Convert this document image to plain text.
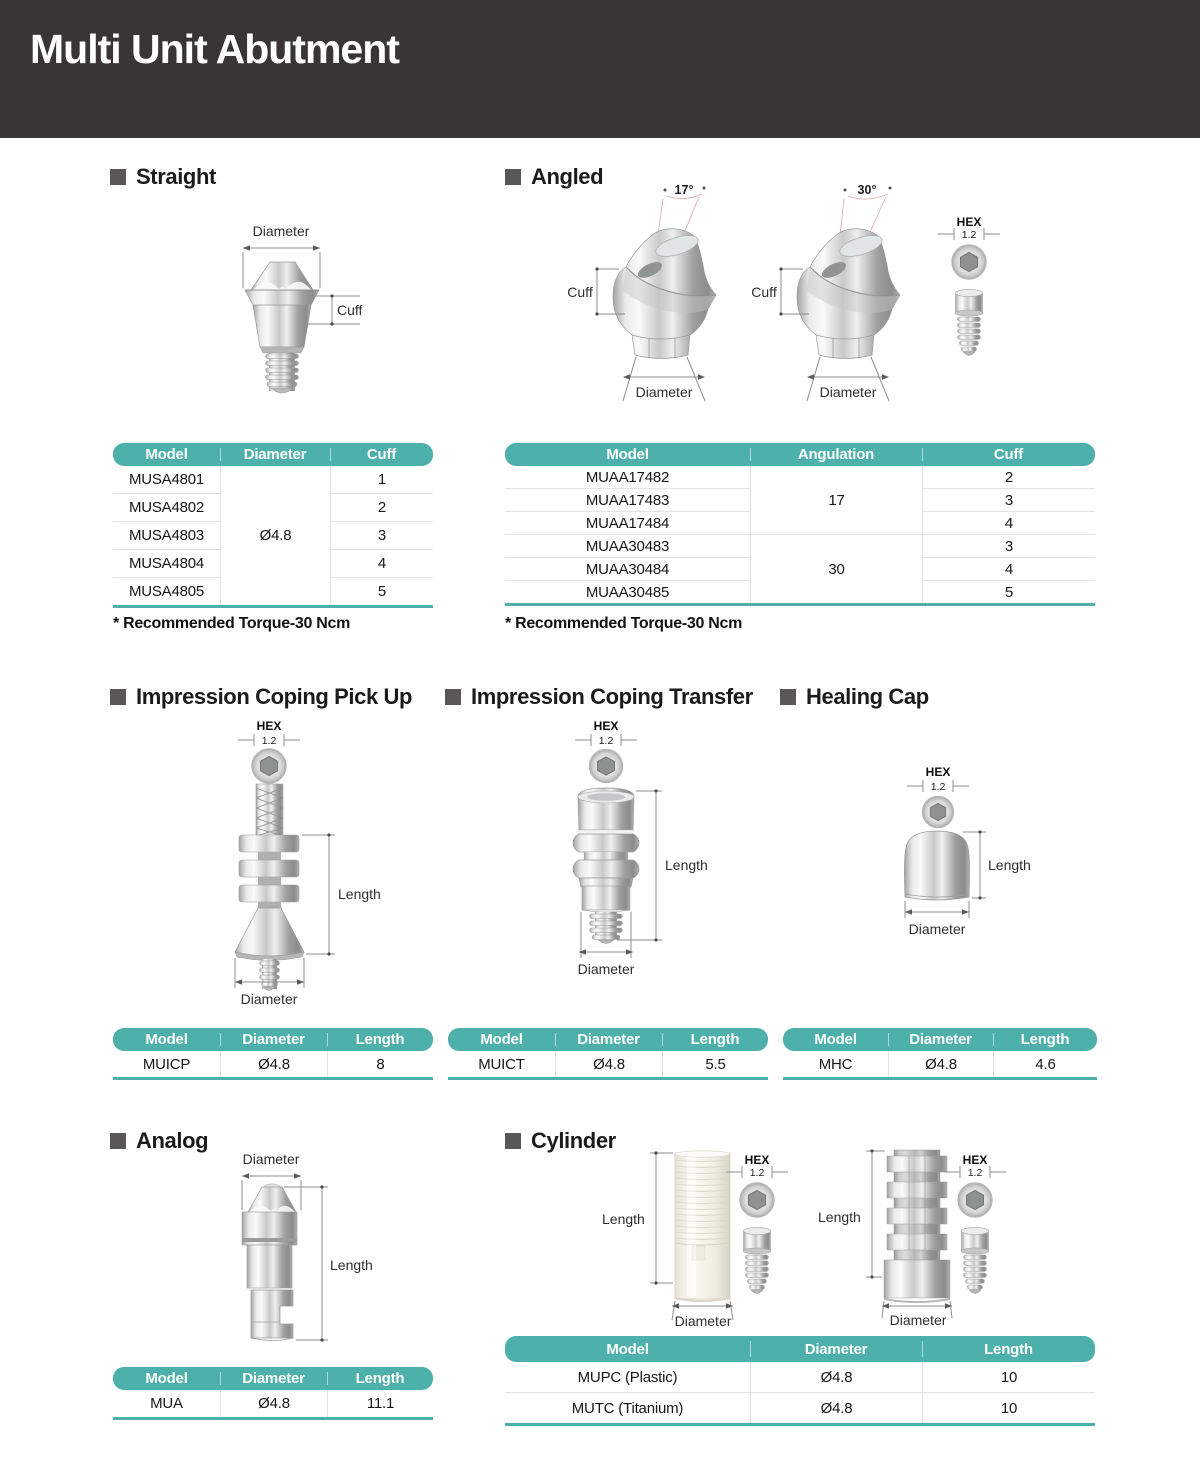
Multi Unit Abutment
Straight	Angled
Impression Coping Pick Up	Impression Coping Transfer Healing Cap
Analog	Cylinder
Diameter
Cuff
17°
Cuff
Diameter
30°
Cuff
Diameter
HEX
1.2
HEX
1.2
Length
Diameter
HEX
1.2
Length
Diameter
HEX
1.2
Length
Diameter
Diameter
Length
Length
Diameter
HEX
1.2
Length
Diameter
HEX
1.2
Model	Diameter	Cuff
MUSA4801	Ø4.8	1
MUSA4802		2
MUSA4803		3
MUSA4804		4
MUSA4805		5
* Recommended Torque-30 Ncm
Model	Angulation	Cuff
MUAA17482	17	2
MUAA17483		3
MUAA17484		4
MUAA30483	30	3
MUAA30484		4
MUAA30485		5
* Recommended Torque-30 Ncm
Model	Diameter	Length
MUICP	Ø4.8	8
Model	Diameter	Length
MUICT	Ø4.8	5.5
Model	Diameter	Length
MHC	Ø4.8	4.6
Model	Diameter	Length
MUA	Ø4.8	11.1
Model	Diameter	Length
MUPC (Plastic)	Ø4.8	10
MUTC (Titanium)	Ø4.8	10
